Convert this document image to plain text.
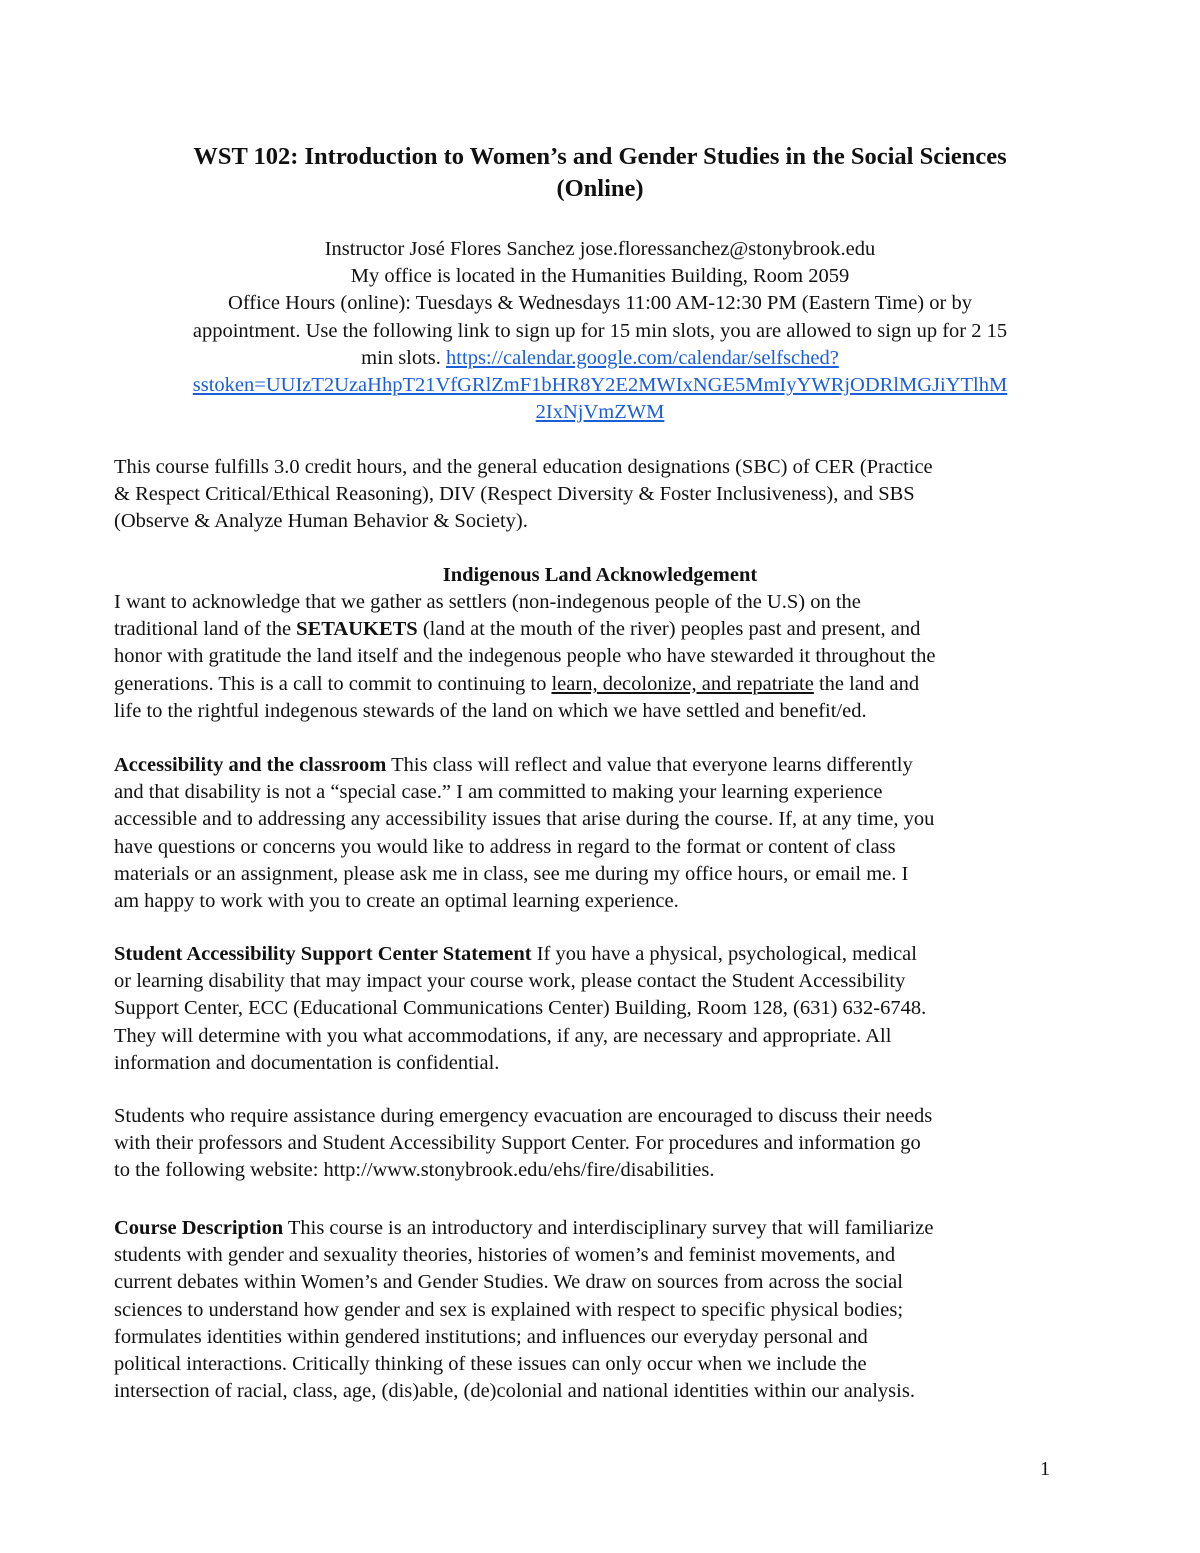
WST 102: Introduction to Women’s and Gender Studies in the Social Sciences
(Online)
Instructor José Flores Sanchez jose.floressanchez@stonybrook.edu
My office is located in the Humanities Building, Room 2059
Office Hours (online): Tuesdays & Wednesdays 11:00 AM-12:30 PM (Eastern Time) or by
appointment. Use the following link to sign up for 15 min slots, you are allowed to sign up for 2 15
min slots. https://calendar.google.com/calendar/selfsched?
sstoken=UUIzT2UzaHhpT21VfGRlZmF1bHR8Y2E2MWIxNGE5MmIyYWRjODRlMGJiYTlhM
2IxNjVmZWM
This course fulfills 3.0 credit hours, and the general education designations (SBC) of CER (Practice
& Respect Critical/Ethical Reasoning), DIV (Respect Diversity & Foster Inclusiveness), and SBS
(Observe & Analyze Human Behavior & Society).
Indigenous Land Acknowledgement
I want to acknowledge that we gather as settlers (non-indegenous people of the U.S) on the
traditional land of the SETAUKETS (land at the mouth of the river) peoples past and present, and
honor with gratitude the land itself and the indegenous people who have stewarded it throughout the
generations. This is a call to commit to continuing to learn, decolonize, and repatriate the land and
life to the rightful indegenous stewards of the land on which we have settled and benefit/ed.
Accessibility and the classroom This class will reflect and value that everyone learns differently
and that disability is not a “special case.” I am committed to making your learning experience
accessible and to addressing any accessibility issues that arise during the course. If, at any time, you
have questions or concerns you would like to address in regard to the format or content of class
materials or an assignment, please ask me in class, see me during my office hours, or email me. I
am happy to work with you to create an optimal learning experience.
Student Accessibility Support Center Statement If you have a physical, psychological, medical
or learning disability that may impact your course work, please contact the Student Accessibility
Support Center, ECC (Educational Communications Center) Building, Room 128, (631) 632-6748.
They will determine with you what accommodations, if any, are necessary and appropriate. All
information and documentation is confidential.
Students who require assistance during emergency evacuation are encouraged to discuss their needs
with their professors and Student Accessibility Support Center. For procedures and information go
to the following website: http://www.stonybrook.edu/ehs/fire/disabilities.
Course Description This course is an introductory and interdisciplinary survey that will familiarize
students with gender and sexuality theories, histories of women’s and feminist movements, and
current debates within Women’s and Gender Studies. We draw on sources from across the social
sciences to understand how gender and sex is explained with respect to specific physical bodies;
formulates identities within gendered institutions; and influences our everyday personal and
political interactions. Critically thinking of these issues can only occur when we include the
intersection of racial, class, age, (dis)able, (de)colonial and national identities within our analysis.
1
